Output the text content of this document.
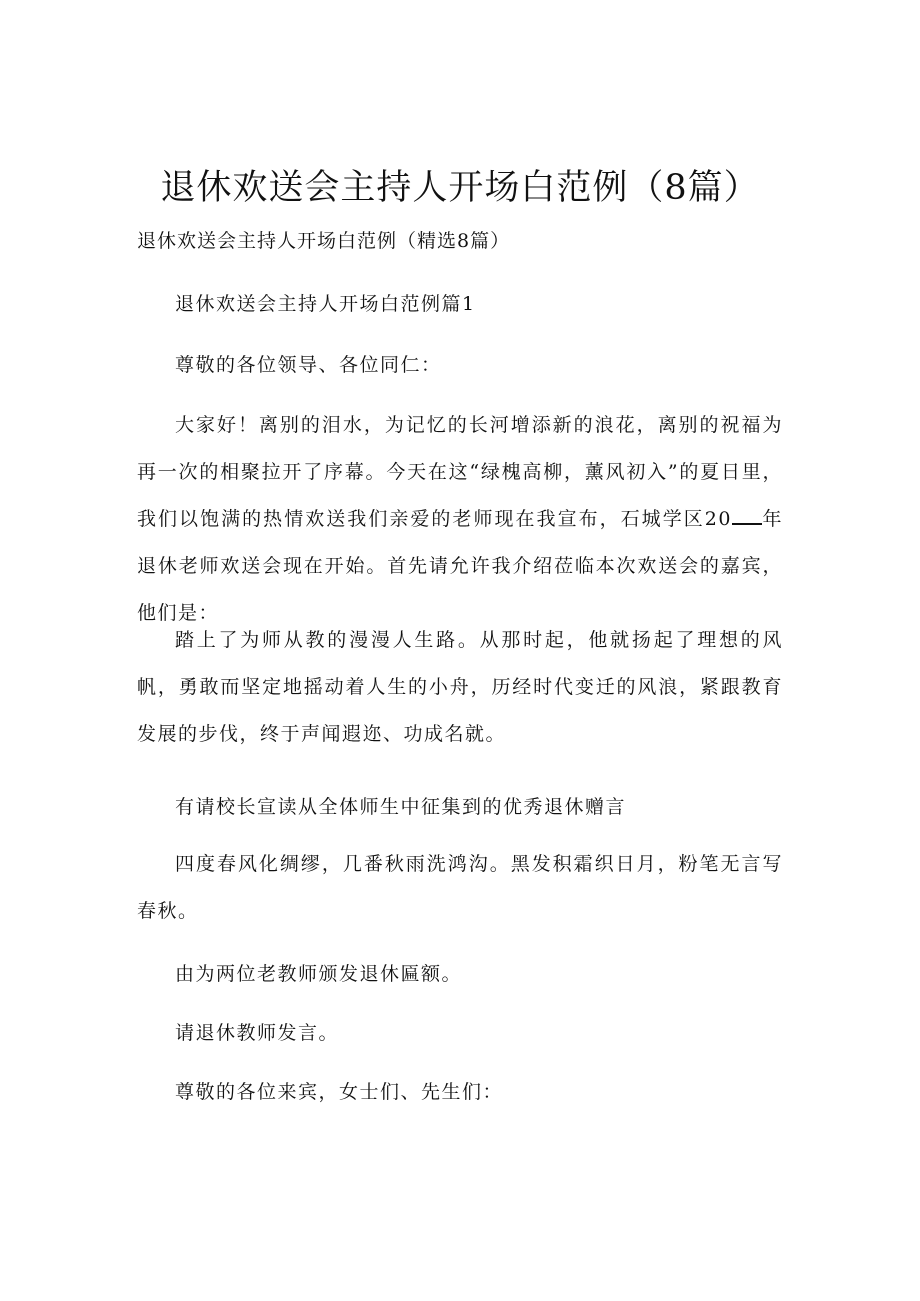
退休欢送会主持人开场白范例（8篇）

退休欢送会主持人开场白范例（精选8篇）

退休欢送会主持人开场白范例篇1

尊敬的各位领导、各位同仁：

大家好！离别的泪水，为记忆的长河增添新的浪花，离别的祝福为再一次的相聚拉开了序幕。今天在这“绿槐高柳，薰风初入”的夏日里，我们以饱满的热情欢送我们亲爱的老师现在我宣布，石城学区20 年退休老师欢送会现在开始。首先请允许我介绍莅临本次欢送会的嘉宾，他们是：

踏上了为师从教的漫漫人生路。从那时起，他就扬起了理想的风帆，勇敢而坚定地摇动着人生的小舟，历经时代变迁的风浪，紧跟教育发展的步伐，终于声闻遐迩、功成名就。

有请校长宣读从全体师生中征集到的优秀退休赠言

四度春风化绸缪，几番秋雨洗鸿沟。黑发积霜织日月，粉笔无言写春秋。

由为两位老教师颁发退休匾额。

请退休教师发言。

尊敬的各位来宾，女士们、先生们：
